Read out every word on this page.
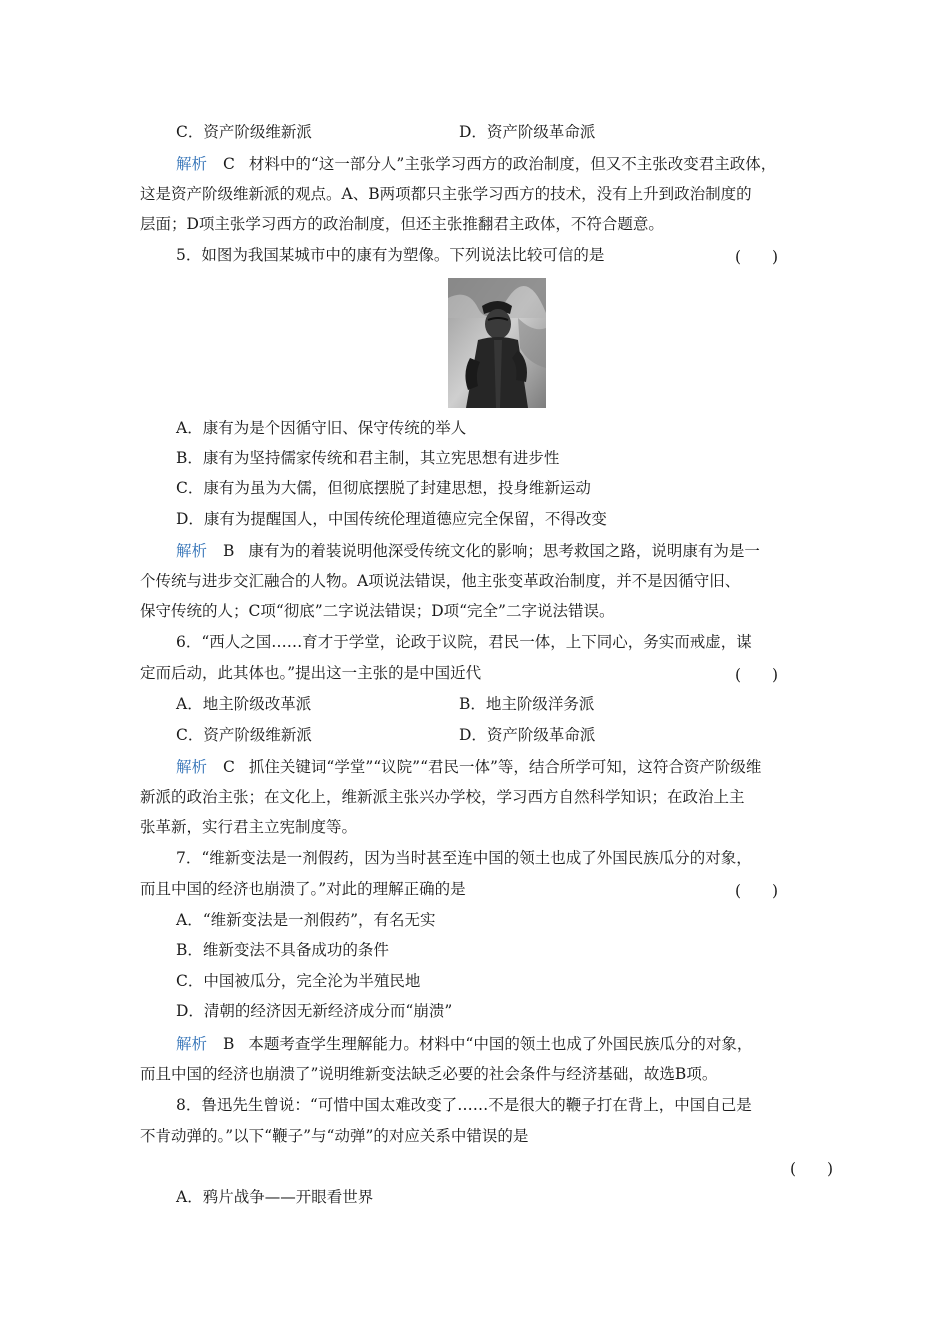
C．资产阶级维新派	D．资产阶级革命派
解析 C 材料中的“这一部分人”主张学习西方的政治制度，但又不主张改变君主政体，
这是资产阶级维新派的观点。A、B两项都只主张学习西方的技术，没有上升到政治制度的
层面；D项主张学习西方的政治制度，但还主张推翻君主政体，不符合题意。
5．如图为我国某城市中的康有为塑像。下列说法比较可信的是	(　　)
A．康有为是个因循守旧、保守传统的举人
B．康有为坚持儒家传统和君主制，其立宪思想有进步性
C．康有为虽为大儒，但彻底摆脱了封建思想，投身维新运动
D．康有为提醒国人，中国传统伦理道德应完全保留，不得改变
解析 B 康有为的着装说明他深受传统文化的影响；思考救国之路，说明康有为是一
个传统与进步交汇融合的人物。A项说法错误，他主张变革政治制度，并不是因循守旧、
保守传统的人；C项“彻底”二字说法错误；D项“完全”二字说法错误。
6．“西人之国……育才于学堂，论政于议院，君民一体，上下同心，务实而戒虚，谋
定而后动，此其体也。”提出这一主张的是中国近代	(　　)
A．地主阶级改革派	B．地主阶级洋务派
C．资产阶级维新派	D．资产阶级革命派
解析 C 抓住关键词“学堂”“议院”“君民一体”等，结合所学可知，这符合资产阶级维
新派的政治主张；在文化上，维新派主张兴办学校，学习西方自然科学知识；在政治上主
张革新，实行君主立宪制度等。
7．“维新变法是一剂假药，因为当时甚至连中国的领土也成了外国民族瓜分的对象，
而且中国的经济也崩溃了。”对此的理解正确的是	(　　)
A．“维新变法是一剂假药”，有名无实
B．维新变法不具备成功的条件
C．中国被瓜分，完全沦为半殖民地
D．清朝的经济因无新经济成分而“崩溃”
解析 B 本题考查学生理解能力。材料中“中国的领土也成了外国民族瓜分的对象，
而且中国的经济也崩溃了”说明维新变法缺乏必要的社会条件与经济基础，故选B项。
8．鲁迅先生曾说：“可惜中国太难改变了……不是很大的鞭子打在背上，中国自己是
不肯动弹的。”以下“鞭子”与“动弹”的对应关系中错误的是
(　　)
A．鸦片战争——开眼看世界
